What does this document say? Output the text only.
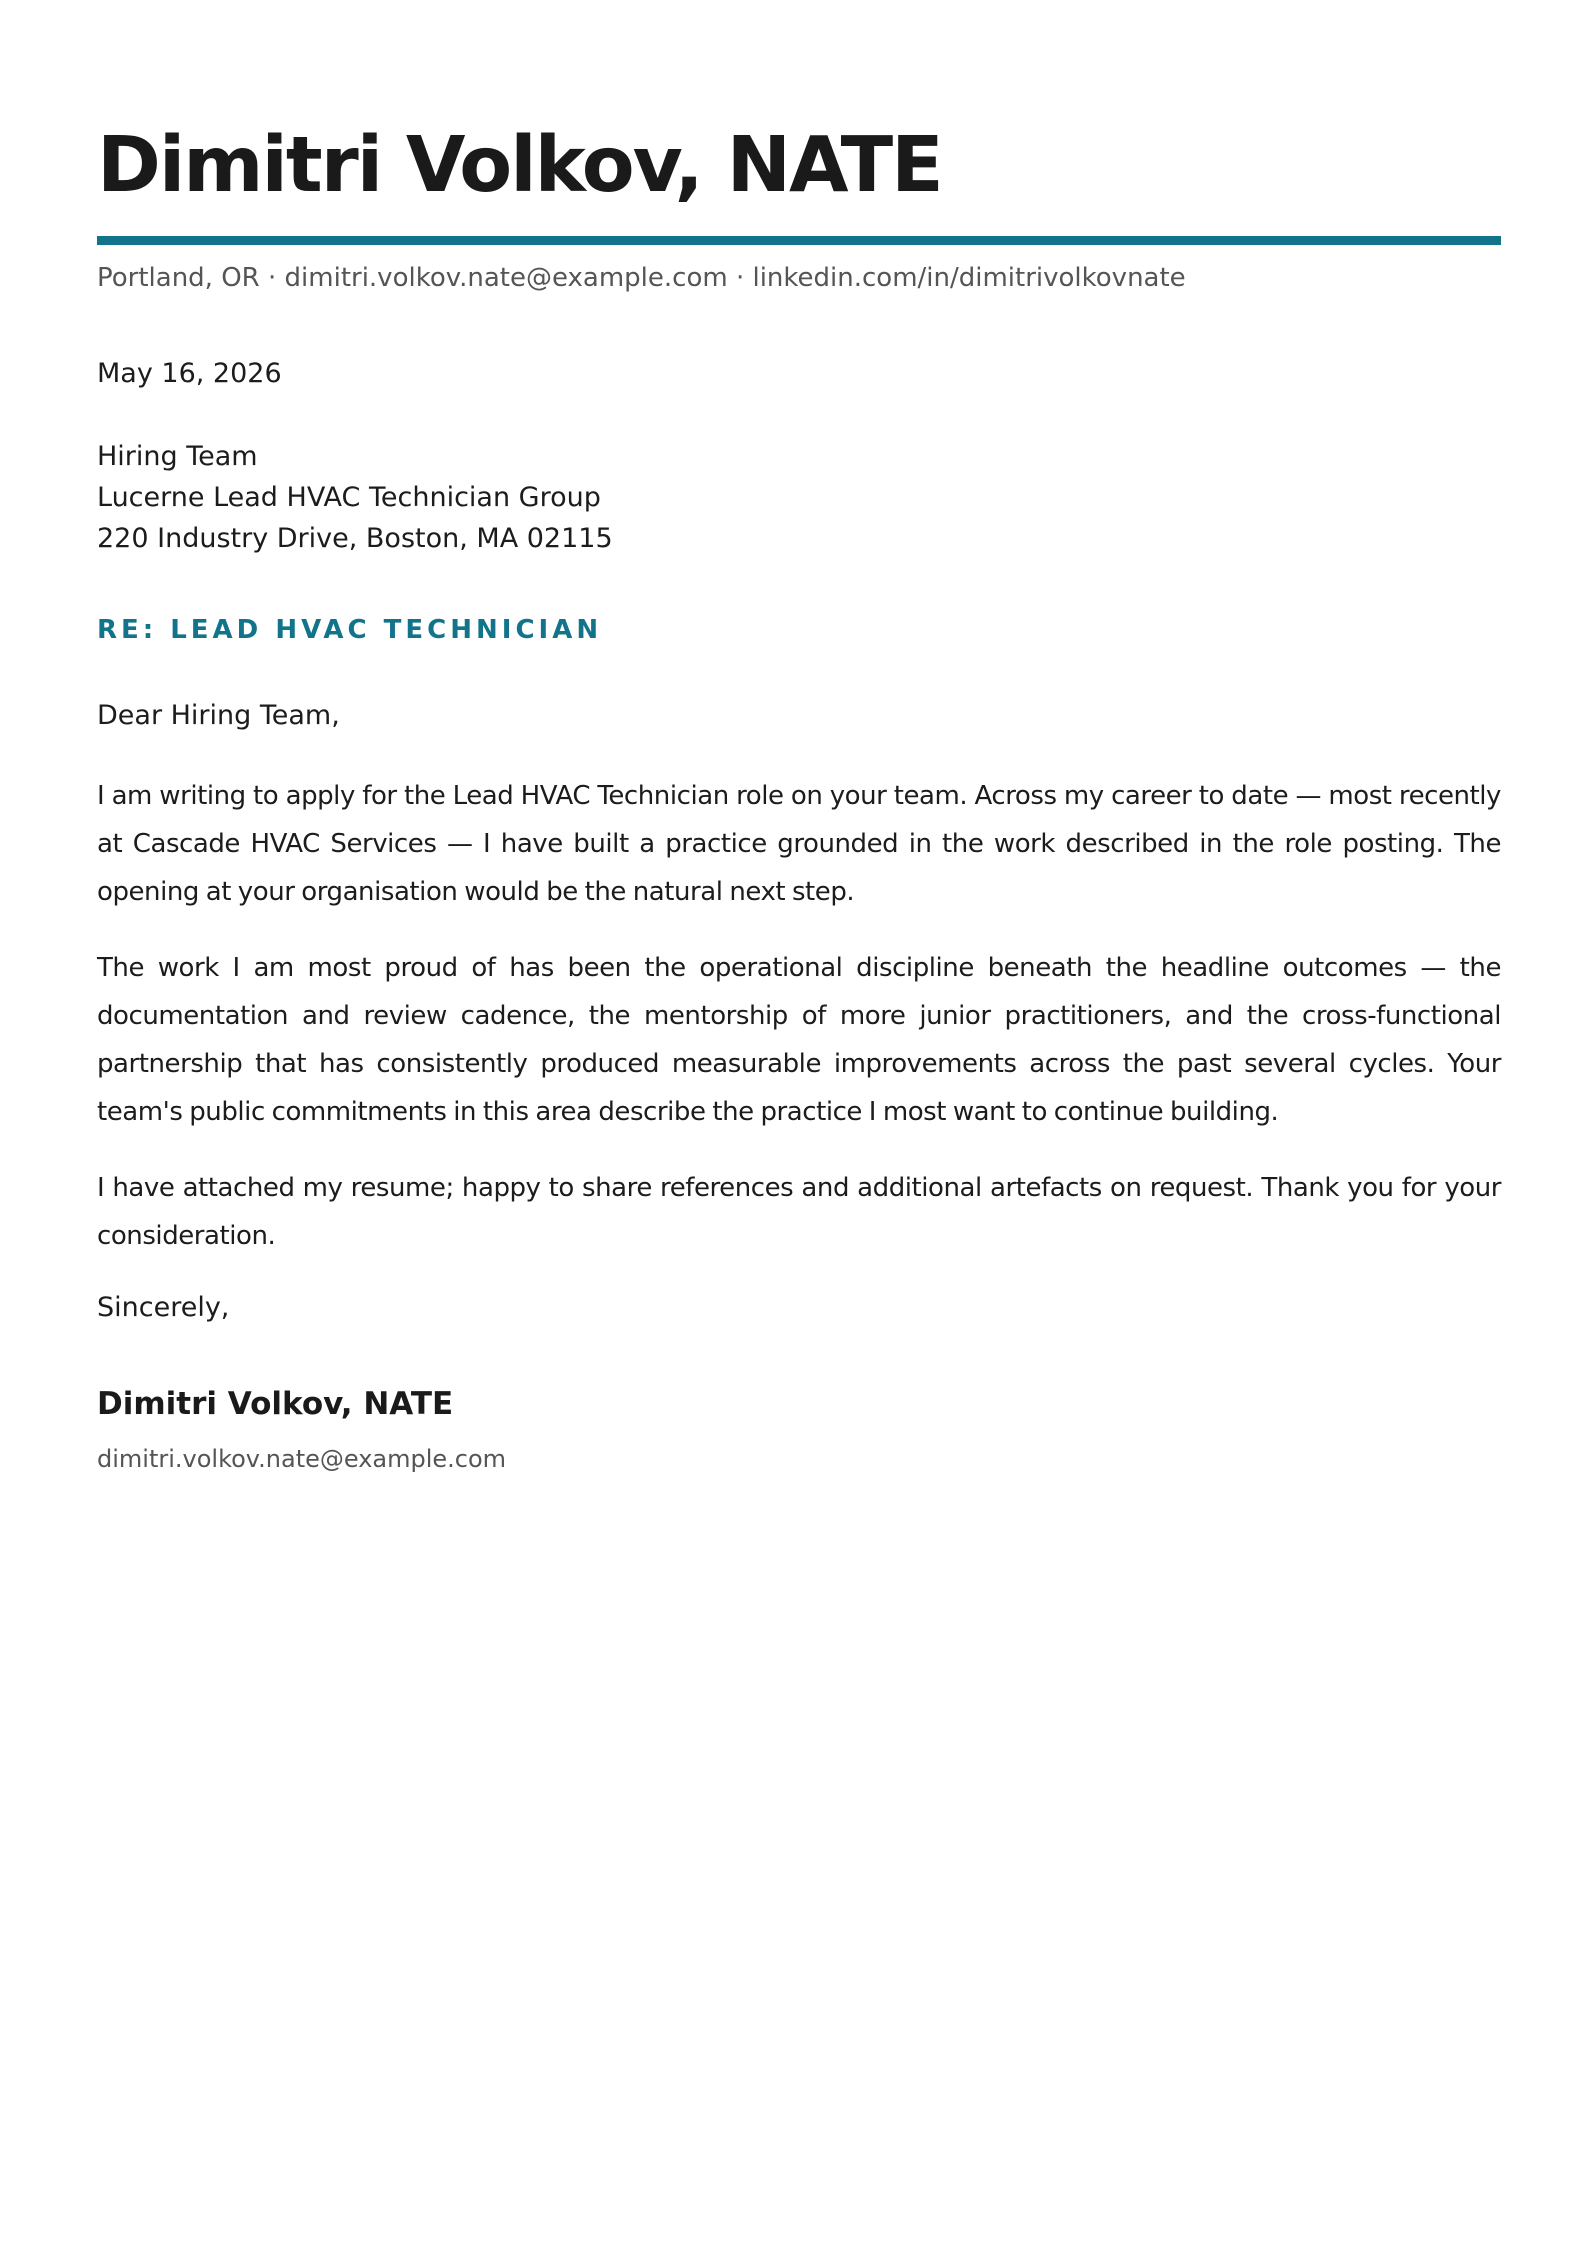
Dimitri Volkov, NATE
Portland, OR · dimitri.volkov.nate@example.com · linkedin.com/in/dimitrivolkovnate
May 16, 2026
Hiring Team
Lucerne Lead HVAC Technician Group
220 Industry Drive, Boston, MA 02115
RE: LEAD HVAC TECHNICIAN
Dear Hiring Team,

I am writing to apply for the Lead HVAC Technician role on your team. Across my career to date — most recently at Cascade HVAC Services — I have built a practice grounded in the work described in the role posting. The opening at your organisation would be the natural next step.

The work I am most proud of has been the operational discipline beneath the headline outcomes — the documentation and review cadence, the mentorship of more junior practitioners, and the cross-functional partnership that has consistently produced measurable improvements across the past several cycles. Your team's public commitments in this area describe the practice I most want to continue building.

I have attached my resume; happy to share references and additional artefacts on request. Thank you for your consideration.

Sincerely,
Dimitri Volkov, NATE
dimitri.volkov.nate@example.com
